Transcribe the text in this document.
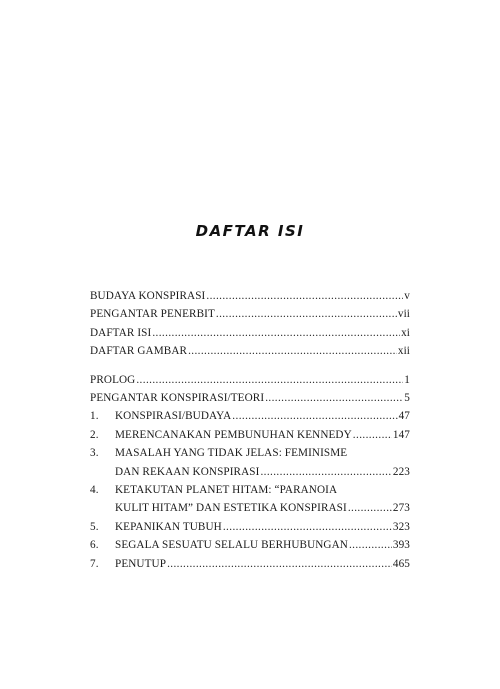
DAFTAR ISI
BUDAYA KONSPIRASI .....	v
PENGANTAR PENERBIT .....	vii
DAFTAR ISI .....	xi
DAFTAR GAMBAR .....	xii
PROLOG .....	1
PENGANTAR KONSPIRASI/TEORI .....	5
1.	KONSPIRASI/BUDAYA .....	47
2.	MERENCANAKAN PEMBUNUHAN KENNEDY .....	147
3.	MASALAH YANG TIDAK JELAS: FEMINISME
DAN REKAAN KONSPIRASI .....	223
4.	KETAKUTAN PLANET HITAM: “PARANOIA
KULIT HITAM” DAN ESTETIKA KONSPIRASI .....	273
5.	KEPANIKAN TUBUH .....	323
6.	SEGALA SESUATU SELALU BERHUBUNGAN .....	393
7.	PENUTUP .....	465
